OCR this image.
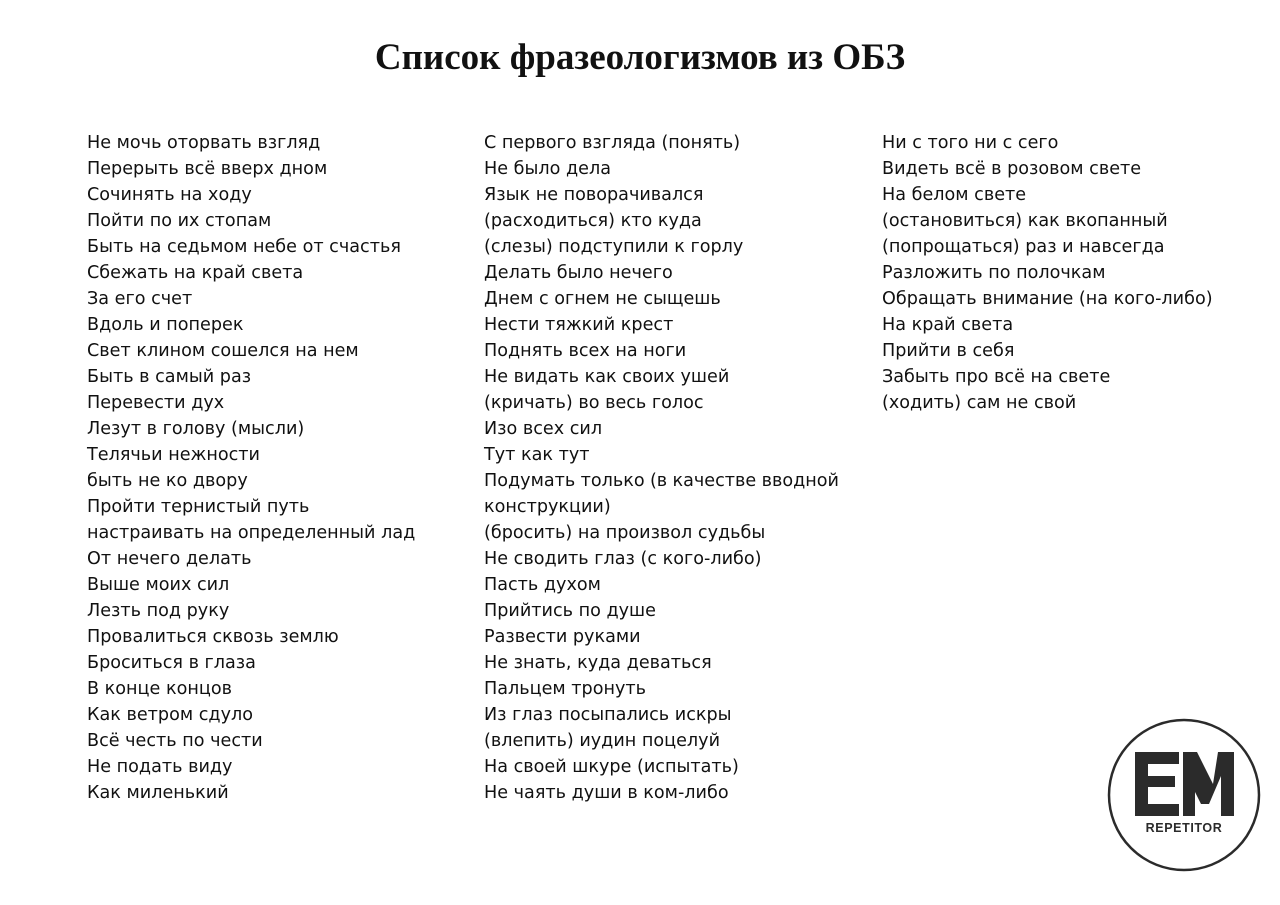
Список фразеологизмов из ОБЗ
Не мочь оторвать взгляд
Перерыть всё вверх дном
Сочинять на ходу
Пойти по их стопам
Быть на седьмом небе от счастья
Сбежать на край света
За его счет
Вдоль и поперек
Свет клином сошелся на нем
Быть в самый раз
Перевести дух
Лезут в голову (мысли)
Телячьи нежности
быть не ко двору
Пройти тернистый путь
настраивать на определенный лад
От нечего делать
Выше моих сил
Лезть под руку
Провалиться сквозь землю
Броситься в глаза
В конце концов
Как ветром сдуло
Всё честь по чести
Не подать виду
Как миленький
С первого взгляда (понять)
Не было дела
Язык не поворачивался
(расходиться) кто куда
(слезы) подступили к горлу
Делать было нечего
Днем с огнем не сыщешь
Нести тяжкий крест
Поднять всех на ноги
Не видать как своих ушей
(кричать) во весь голос
Изо всех сил
Тут как тут
Подумать только (в качестве вводной
конструкции)
(бросить) на произвол судьбы
Не сводить глаз (с кого-либо)
Пасть духом
Прийтись по душе
Развести руками
Не знать, куда деваться
Пальцем тронуть
Из глаз посыпались искры
(влепить) иудин поцелуй
На своей шкуре (испытать)
Не чаять души в ком-либо
Ни с того ни с сего
Видеть всё в розовом свете
На белом свете
(остановиться) как вкопанный
(попрощаться) раз и навсегда
Разложить по полочкам
Обращать внимание (на кого-либо)
На край света
Прийти в себя
Забыть про всё на свете
(ходить) сам не свой
REPETITOR
